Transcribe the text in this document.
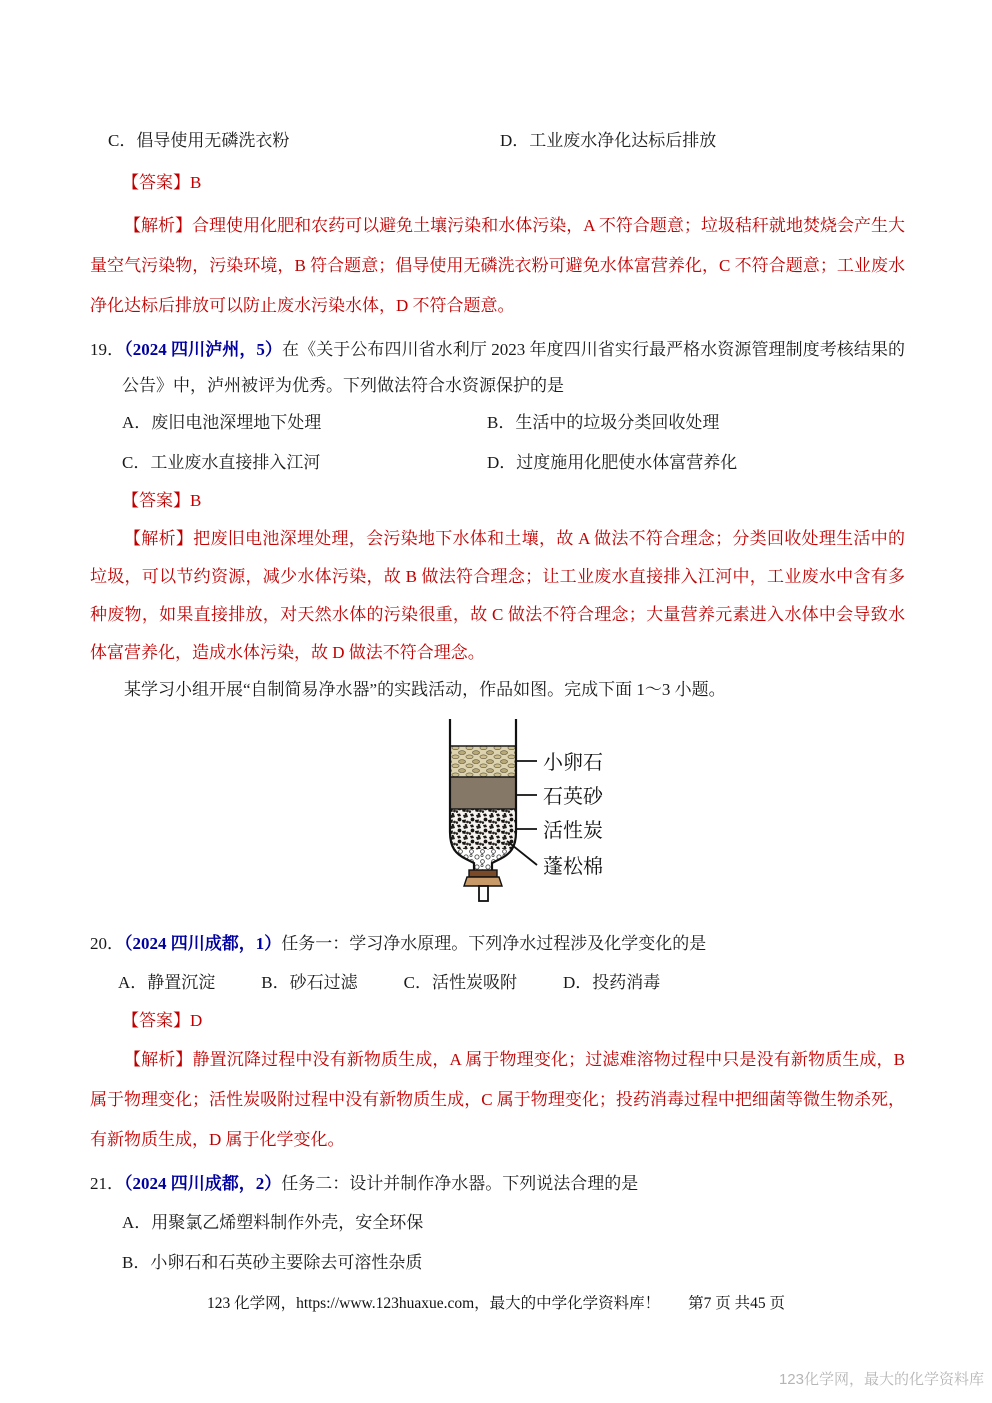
C．倡导使用无磷洗衣粉	D．工业废水净化达标后排放
【答案】B
【解析】合理使用化肥和农药可以避免土壤污染和水体污染，A 不符合题意；垃圾秸秆就地焚烧会产生大量空气污染物，污染环境，B 符合题意；倡导使用无磷洗衣粉可避免水体富营养化，C 不符合题意；工业废水净化达标后排放可以防止废水污染水体，D 不符合题意。

19．（2024 四川泸州，5）在《关于公布四川省水利厅 2023 年度四川省实行最严格水资源管理制度考核结果的公告》中，泸州被评为优秀。下列做法符合水资源保护的是

A．废旧电池深埋地下处理	B．生活中的垃圾分类回收处理
C．工业废水直接排入江河	D．过度施用化肥使水体富营养化
【答案】B
【解析】把废旧电池深埋处理，会污染地下水体和土壤，故 A 做法不符合理念；分类回收处理生活中的垃圾，可以节约资源，减少水体污染，故 B 做法符合理念；让工业废水直接排入江河中，工业废水中含有多种废物，如果直接排放，对天然水体的污染很重，故 C 做法不符合理念；大量营养元素进入水体中会导致水体富营养化，造成水体污染，故 D 做法不符合理念。

某学习小组开展“自制简易净水器”的实践活动，作品如图。完成下面 1～3 小题。

小卵石
石英砂
活性炭
蓬松棉

20．（2024 四川成都，1）任务一：学习净水原理。下列净水过程涉及化学变化的是

A．静置沉淀	B．砂石过滤	C．活性炭吸附	D．投药消毒
【答案】D
【解析】静置沉降过程中没有新物质生成，A 属于物理变化；过滤难溶物过程中只是没有新物质生成，B 属于物理变化；活性炭吸附过程中没有新物质生成，C 属于物理变化；投药消毒过程中把细菌等微生物杀死，有新物质生成，D 属于化学变化。

21．（2024 四川成都，2）任务二：设计并制作净水器。下列说法合理的是

A．用聚氯乙烯塑料制作外壳，安全环保
B．小卵石和石英砂主要除去可溶性杂质
123 化学网，https://www.123huaxue.com，最大的中学化学资料库！ 第7 页 共45 页
123化学网，最大的化学资料库
